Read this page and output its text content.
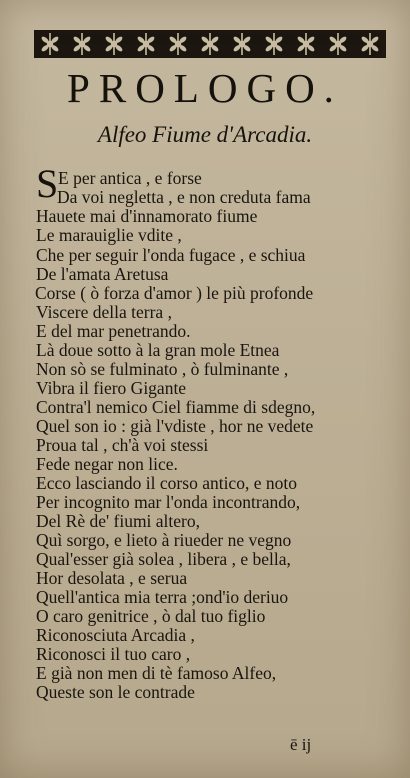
PROLOGO.
Alfeo Fiume d'Arcadia.
S E per antica , e forse
Da voi negletta , e non creduta fama
Hauete mai d'innamorato fiume
Le marauiglie vdite ,
Che per seguir l'onda fugace , e schiua
De l'amata Aretusa
Corse ( ò forza d'amor ) le più profonde
Viscere della terra ,
E del mar penetrando.
Là doue sotto à la gran mole Etnea
Non sò se fulminato , ò fulminante ,
Vibra il fiero Gigante
Contra'l nemico Ciel fiamme di sdegno,
Quel son io : già l'vdiste , hor ne vedete
Proua tal , ch'à voi stessi
Fede negar non lice.
Ecco lasciando il corso antico, e noto
Per incognito mar l'onda incontrando,
Del Rè de' fiumi altero,
Quì sorgo, e lieto à riueder ne vegno
Qual'esser già solea , libera , e bella,
Hor desolata , e serua
Quell'antica mia terra ;ond'io deriuo
O caro genitrice , ò dal tuo figlio
Riconosciuta Arcadia ,
Riconosci il tuo caro ,
E già non men di tè famoso Alfeo,
Queste son le contrade
ē ij
